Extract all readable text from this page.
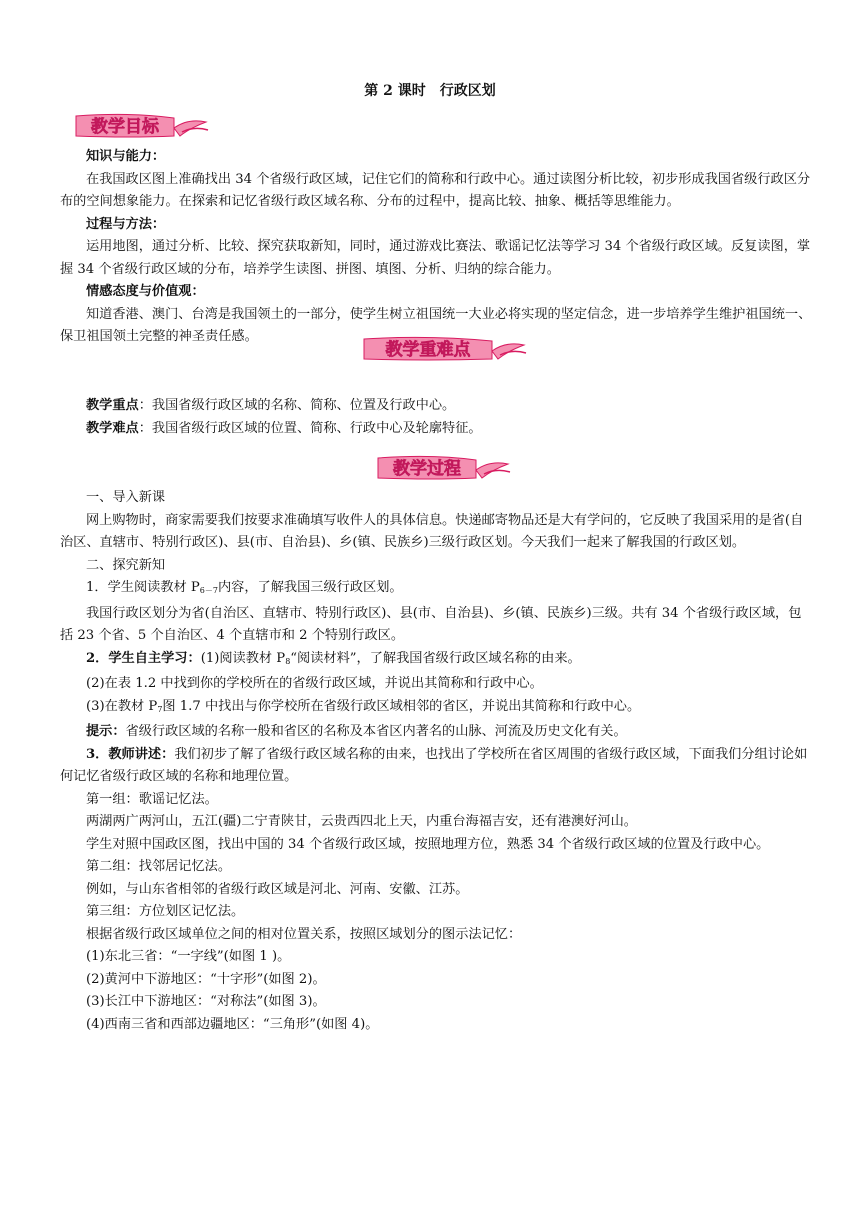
第 2 课时　行政区划
教学目标
教学重难点
教学过程

知识与能力：

在我国政区图上准确找出 34 个省级行政区域，记住它们的简称和行政中心。通过读图分析比较，初步形成我国省级行政区分布的空间想象能力。在探索和记忆省级行政区域名称、分布的过程中，提高比较、抽象、概括等思维能力。

过程与方法：

运用地图，通过分析、比较、探究获取新知，同时，通过游戏比赛法、歌谣记忆法等学习 34 个省级行政区域。反复读图，掌握 34 个省级行政区域的分布，培养学生读图、拼图、填图、分析、归纳的综合能力。

情感态度与价值观：

知道香港、澳门、台湾是我国领土的一部分，使学生树立祖国统一大业必将实现的坚定信念，进一步培养学生维护祖国统一、保卫祖国领土完整的神圣责任感。

教学重点：我国省级行政区域的名称、简称、位置及行政中心。

教学难点：我国省级行政区域的位置、简称、行政中心及轮廓特征。

一、导入新课

网上购物时，商家需要我们按要求准确填写收件人的具体信息。快递邮寄物品还是大有学问的，它反映了我国采用的是省(自治区、直辖市、特别行政区)、县(市、自治县)、乡(镇、民族乡)三级行政区划。今天我们一起来了解我国的行政区划。

二、探究新知

1．学生阅读教材 $P_{6-7}$内容，了解我国三级行政区划。

我国行政区划分为省(自治区、直辖市、特别行政区)、县(市、自治县)、乡(镇、民族乡)三级。共有 34 个省级行政区域，包括 23 个省、5 个自治区、4 个直辖市和 2 个特别行政区。

2．学生自主学习：(1)阅读教材 $P_8“$阅读材料”，了解我国省级行政区域名称的由来。

(2)在表 1.2 中找到你的学校所在的省级行政区域，并说出其简称和行政中心。

(3)在教材 $P_7$图 1.7 中找出与你学校所在省级行政区域相邻的省区，并说出其简称和行政中心。

提示：省级行政区域的名称一般和省区的名称及本省区内著名的山脉、河流及历史文化有关。

3．教师讲述：我们初步了解了省级行政区域名称的由来，也找出了学校所在省区周围的省级行政区域，下面我们分组讨论如何记忆省级行政区域的名称和地理位置。

第一组：歌谣记忆法。

两湖两广两河山，五江(疆)二宁青陕甘，云贵西四北上天，内重台海福吉安，还有港澳好河山。

学生对照中国政区图，找出中国的 34 个省级行政区域，按照地理方位，熟悉 34 个省级行政区域的位置及行政中心。

第二组：找邻居记忆法。

例如，与山东省相邻的省级行政区域是河北、河南、安徽、江苏。

第三组：方位划区记忆法。

根据省级行政区域单位之间的相对位置关系，按照区域划分的图示法记忆：

(1)东北三省：“一字线”(如图 1 )。

(2)黄河中下游地区：“十字形”(如图 2)。

(3)长江中下游地区：“对称法”(如图 3)。

(4)西南三省和西部边疆地区：“三角形”(如图 4)。
